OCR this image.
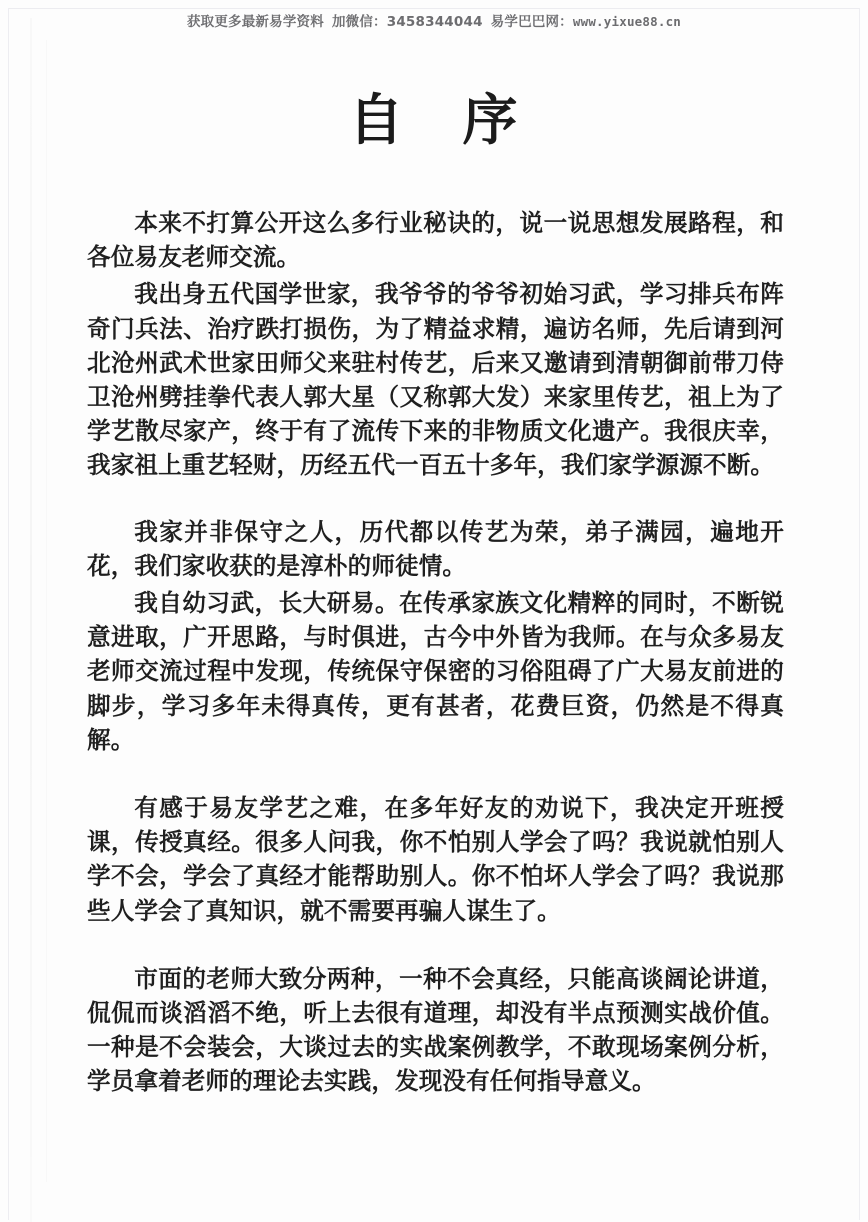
获取更多最新易学资料 加微信：3458344044 易学巴巴网：www.yixue88.cn
自　序

本来不打算公开这么多行业秘诀的，说一说思想发展路程，和各位易友老师交流。

我出身五代国学世家，我爷爷的爷爷初始习武，学习排兵布阵奇门兵法、治疗跌打损伤，为了精益求精，遍访名师，先后请到河北沧州武术世家田师父来驻村传艺，后来又邀请到清朝御前带刀侍卫沧州劈挂拳代表人郭大星（又称郭大发）来家里传艺，祖上为了学艺散尽家产，终于有了流传下来的非物质文化遗产。我很庆幸，我家祖上重艺轻财，历经五代一百五十多年，我们家学源源不断。

我家并非保守之人，历代都以传艺为荣，弟子满园，遍地开花，我们家收获的是淳朴的师徒情。

我自幼习武，长大研易。在传承家族文化精粹的同时，不断锐意进取，广开思路，与时俱进，古今中外皆为我师。在与众多易友老师交流过程中发现，传统保守保密的习俗阻碍了广大易友前进的脚步，学习多年未得真传，更有甚者，花费巨资，仍然是不得真解。

有感于易友学艺之难，在多年好友的劝说下，我决定开班授课，传授真经。很多人问我，你不怕别人学会了吗？我说就怕别人学不会，学会了真经才能帮助别人。你不怕坏人学会了吗？我说那些人学会了真知识，就不需要再骗人谋生了。

市面的老师大致分两种，一种不会真经，只能高谈阔论讲道，侃侃而谈滔滔不绝，听上去很有道理，却没有半点预测实战价值。一种是不会装会，大谈过去的实战案例教学，不敢现场案例分析，学员拿着老师的理论去实践，发现没有任何指导意义。
